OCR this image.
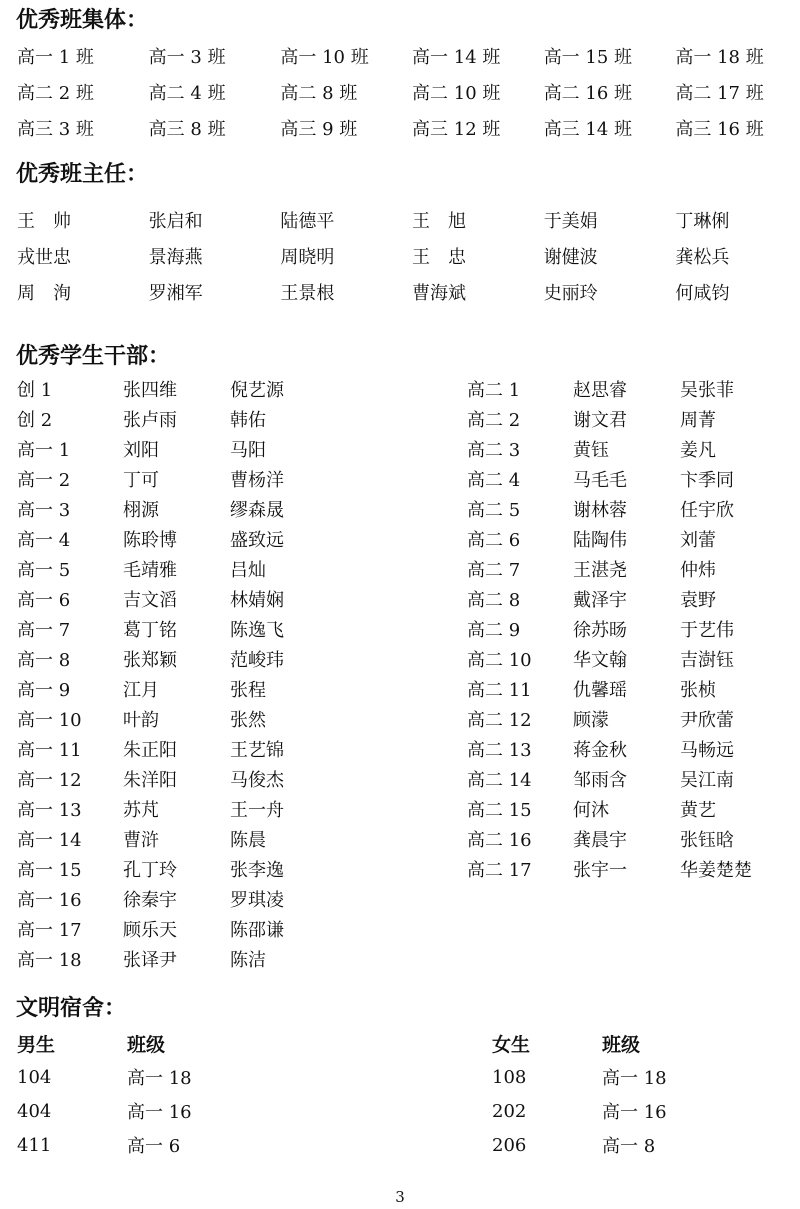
优秀班集体：
高一 1 班	高一 3 班	高一 10 班	高一 14 班	高一 15 班	高一 18 班
高二 2 班	高二 4 班	高二 8 班	高二 10 班	高二 16 班	高二 17 班
高三 3 班	高三 8 班	高三 9 班	高三 12 班	高三 14 班	高三 16 班
优秀班主任：
王　帅	张启和	陆德平	王　旭	于美娟	丁琳俐
戎世忠	景海燕	周晓明	王　忠	谢健波	龚松兵
周　洵	罗湘军	王景根	曹海斌	史丽玲	何咸钧
优秀学生干部：
创 1	张四维	倪艺源
创 2	张卢雨	韩佑
高一 1	刘阳	马阳
高一 2	丁可	曹杨洋
高一 3	栩源	缪森晟
高一 4	陈聆博	盛致远
高一 5	毛靖雅	吕灿
高一 6	吉文滔	林婧娴
高一 7	葛丁铭	陈逸飞
高一 8	张郑颖	范峻玮
高一 9	江月	张程
高一 10	叶韵	张然
高一 11	朱正阳	王艺锦
高一 12	朱洋阳	马俊杰
高一 13	苏芃	王一舟
高一 14	曹浒	陈晨
高一 15	孔丁玲	张李逸
高一 16	徐秦宇	罗琪凌
高一 17	顾乐天	陈邵谦
高一 18	张译尹	陈洁
高二 1	赵思睿	吴张菲
高二 2	谢文君	周菁
高二 3	黄钰	姜凡
高二 4	马毛毛	卞季同
高二 5	谢林蓉	任宇欣
高二 6	陆陶伟	刘蕾
高二 7	王湛尧	仲炜
高二 8	戴泽宇	袁野
高二 9	徐苏旸	于艺伟
高二 10	华文翰	吉澍钰
高二 11	仇馨瑶	张桢
高二 12	顾濛	尹欣蕾
高二 13	蒋金秋	马畅远
高二 14	邹雨含	吴江南
高二 15	何沐	黄艺
高二 16	龚晨宇	张钰晗
高二 17	张宇一	华姜楚楚
文明宿舍：
男生	班级
104	高一 18
404	高一 16
411	高一 6
女生	班级
108	高一 18
202	高一 16
206	高一 8
3
